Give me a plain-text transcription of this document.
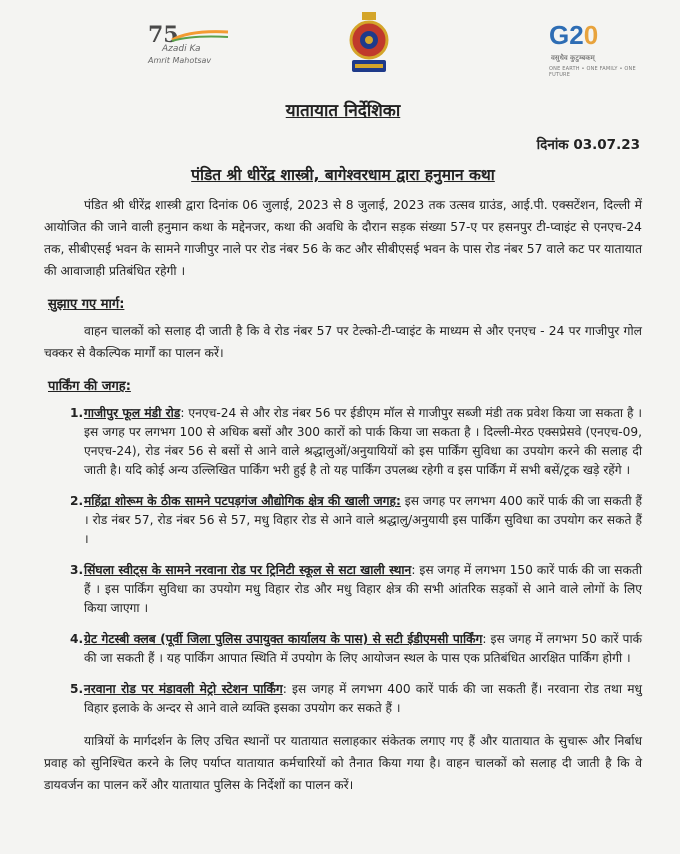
75
Azadi Ka
Amrit Mahotsav
G20
वसुधैव कुटुम्बकम्
ONE EARTH • ONE FAMILY • ONE FUTURE
यातायात निर्देशिका
दिनांक 03.07.23
पंडित श्री धीरेंद्र शास्त्री, बागेश्वरधाम द्वारा हनुमान कथा
पंडित श्री धीरेंद्र शास्त्री द्वारा दिनांक 06 जुलाई, 2023 से 8 जुलाई, 2023 तक उत्सव ग्राउंड, आई.पी. एक्सटेंशन, दिल्ली में आयोजित की जाने वाली हनुमान कथा के मद्देनजर, कथा की अवधि के दौरान सड़क संख्या 57-ए पर हसनपुर टी-प्वाइंट से एनएच-24 तक, सीबीएसई भवन के सामने गाजीपुर नाले पर रोड नंबर 56 के कट और सीबीएसई भवन के पास रोड नंबर 57 वाले कट पर यातायात की आवाजाही प्रतिबंधित रहेगी ।
सुझाए गए मार्ग:
वाहन चालकों को सलाह दी जाती है कि वे रोड नंबर 57 पर टेल्को-टी-प्वाइंट के माध्यम से और एनएच - 24 पर गाजीपुर गोल चक्कर से वैकल्पिक मार्गों का पालन करें।
पार्किंग की जगह:
1. गाजीपुर फूल मंडी रोड: एनएच-24 से और रोड नंबर 56 पर ईडीएम मॉल से गाजीपुर सब्जी मंडी तक प्रवेश किया जा सकता है । इस जगह पर लगभग 100 से अधिक बसों और 300 कारों को पार्क किया जा सकता है । दिल्ली-मेरठ एक्सप्रेसवे (एनएच-09, एनएच-24), रोड नंबर 56 से बसों से आने वाले श्रद्धालुओं/अनुयायियों को इस पार्किंग सुविधा का उपयोग करने की सलाह दी जाती है। यदि कोई अन्य उल्लिखित पार्किंग भरी हुई है तो यह पार्किंग उपलब्ध रहेगी व इस पार्किंग में सभी बसें/ट्रक खड़े रहेंगे ।
2. महिंद्रा शोरूम के ठीक सामने पटपड़गंज औद्योगिक क्षेत्र की खाली जगह: इस जगह पर लगभग 400 कारें पार्क की जा सकती हैं । रोड नंबर 57, रोड नंबर 56 से 57, मधु विहार रोड से आने वाले श्रद्धालु/अनुयायी इस पार्किंग सुविधा का उपयोग कर सकते हैं ।
3. सिंघला स्वीट्स के सामने नरवाना रोड पर ट्रिनिटी स्कूल से सटा खाली स्थान: इस जगह में लगभग 150 कारें पार्क की जा सकती हैं । इस पार्किंग सुविधा का उपयोग मधु विहार रोड और मधु विहार क्षेत्र की सभी आंतरिक सड़कों से आने वाले लोगों के लिए किया जाएगा ।
4. ग्रेट गेटस्बी क्लब (पूर्वी जिला पुलिस उपायुक्त कार्यालय के पास) से सटी ईडीएमसी पार्किंग: इस जगह में लगभग 50 कारें पार्क की जा सकती हैं । यह पार्किंग आपात स्थिति में उपयोग के लिए आयोजन स्थल के पास एक प्रतिबंधित आरक्षित पार्किंग होगी ।
5. नरवाना रोड पर मंडावली मेट्रो स्टेशन पार्किंग: इस जगह में लगभग 400 कारें पार्क की जा सकती हैं। नरवाना रोड तथा मधु विहार इलाके के अन्दर से आने वाले व्यक्ति इसका उपयोग कर सकते हैं ।
यात्रियों के मार्गदर्शन के लिए उचित स्थानों पर यातायात सलाहकार संकेतक लगाए गए हैं और यातायात के सुचारू और निर्बाध प्रवाह को सुनिश्चित करने के लिए पर्याप्त यातायात कर्मचारियों को तैनात किया गया है। वाहन चालकों को सलाह दी जाती है कि वे डायवर्जन का पालन करें और यातायात पुलिस के निर्देशों का पालन करें।
